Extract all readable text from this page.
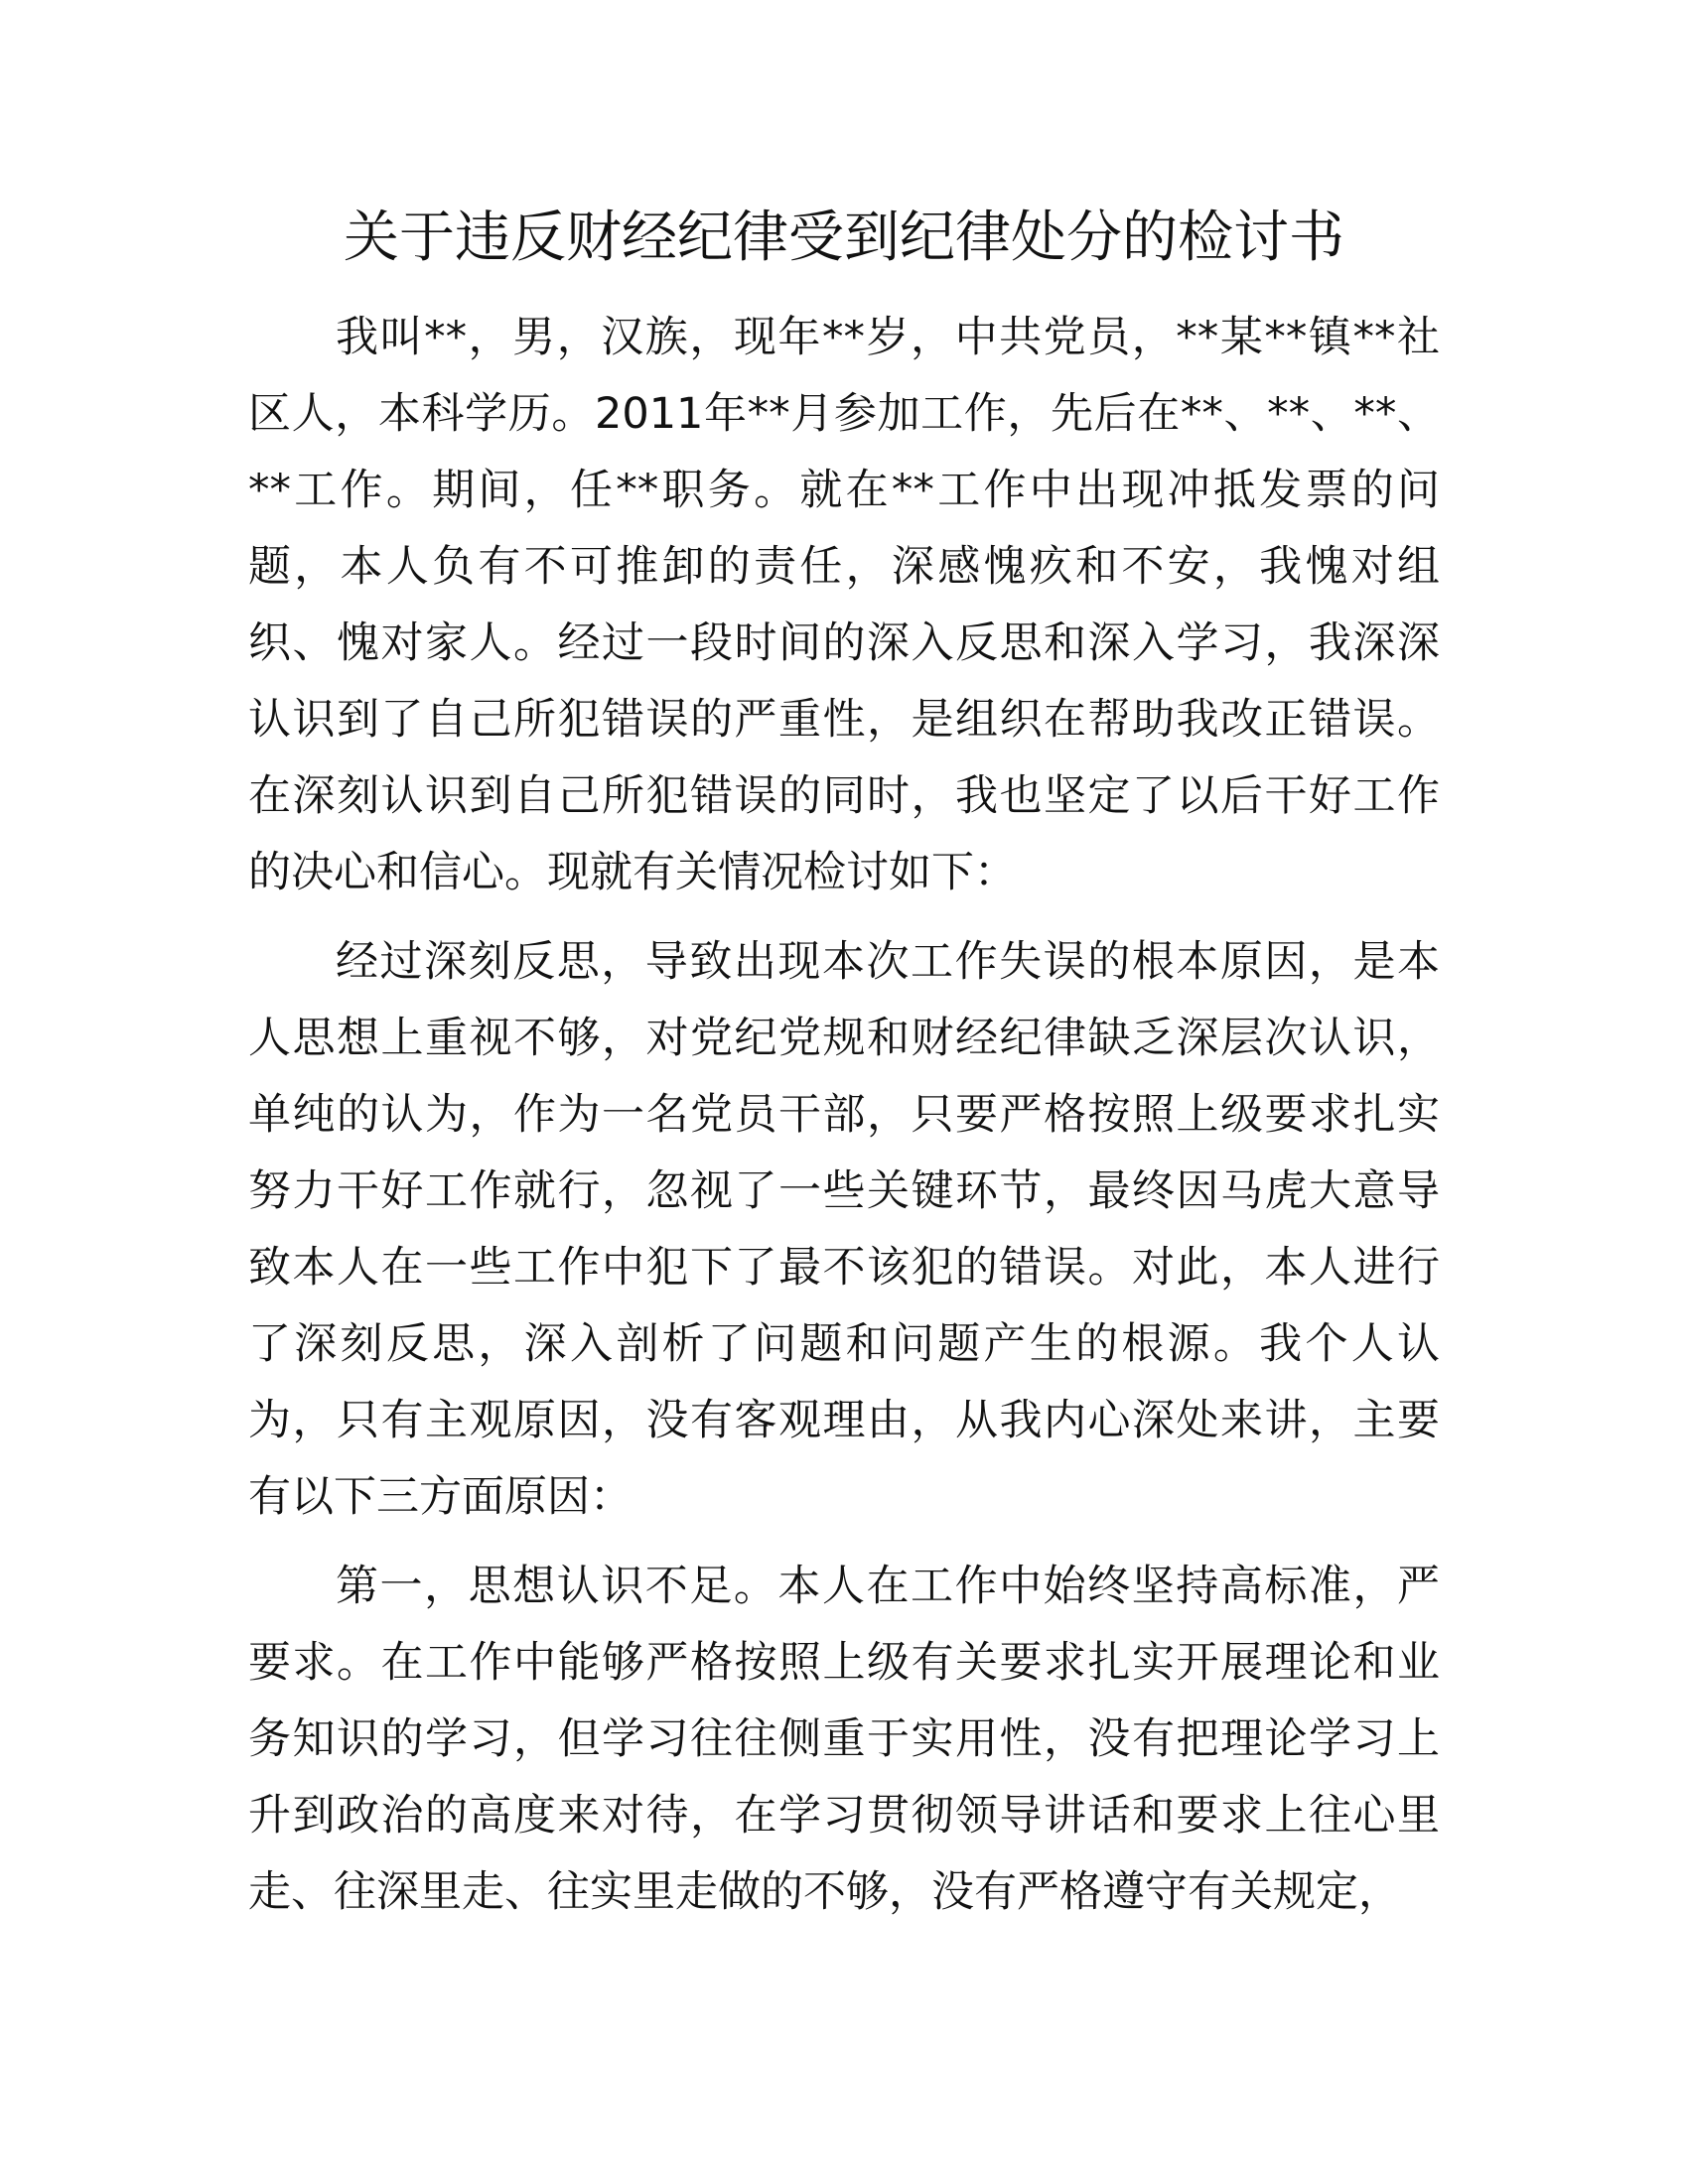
关于违反财经纪律受到纪律处分的检讨书

我叫**，男，汉族，现年**岁，中共党员，**某**镇**社区人，本科学历。2011年**月参加工作，先后在**、**、**、**工作。期间，任**职务。就在**工作中出现冲抵发票的问题，本人负有不可推卸的责任，深感愧疚和不安，我愧对组织、愧对家人。经过一段时间的深入反思和深入学习，我深深认识到了自己所犯错误的严重性，是组织在帮助我改正错误。在深刻认识到自己所犯错误的同时，我也坚定了以后干好工作的决心和信心。现就有关情况检讨如下：

经过深刻反思，导致出现本次工作失误的根本原因，是本人思想上重视不够，对党纪党规和财经纪律缺乏深层次认识，单纯的认为，作为一名党员干部，只要严格按照上级要求扎实努力干好工作就行，忽视了一些关键环节，最终因马虎大意导致本人在一些工作中犯下了最不该犯的错误。对此，本人进行了深刻反思，深入剖析了问题和问题产生的根源。我个人认为，只有主观原因，没有客观理由，从我内心深处来讲，主要有以下三方面原因：

第一，思想认识不足。本人在工作中始终坚持高标准，严要求。在工作中能够严格按照上级有关要求扎实开展理论和业务知识的学习，但学习往往侧重于实用性，没有把理论学习上升到政治的高度来对待，在学习贯彻领导讲话和要求上往心里走、往深里走、往实里走做的不够，没有严格遵守有关规定，
